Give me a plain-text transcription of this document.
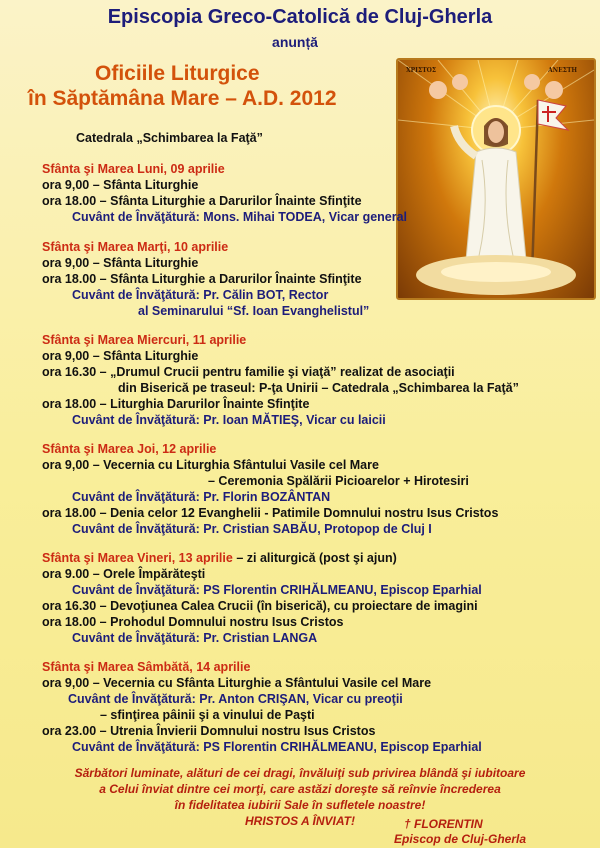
Episcopia Greco-Catolică de Cluj-Gherla
anunță
Oficiile Liturgice
în Săptămâna Mare – A.D. 2012
Catedrala „Schimbarea la Faţă”
ΧΡΙΣΤΟΣ	ΑΝΕΣΤΗ
Sfânta şi Marea Luni, 09 aprilie
ora 9,00 – Sfânta Liturghie
ora 18.00 – Sfânta Liturghie a Darurilor Înainte Sfinţite
Cuvânt de Învăţătură: Mons. Mihai TODEA, Vicar general
Sfânta şi Marea Marţi, 10 aprilie
ora 9,00 – Sfânta Liturghie
ora 18.00 – Sfânta Liturghie a Darurilor Înainte Sfinţite
Cuvânt de Învăţătură: Pr. Călin BOT, Rector
al Seminarului “Sf. Ioan Evanghelistul”
Sfânta şi Marea Miercuri, 11 aprilie
ora 9,00 – Sfânta Liturghie
ora 16.30 – „Drumul Crucii pentru familie şi viaţă” realizat de asociaţii
din Biserică pe traseul: P-ţa Unirii – Catedrala „Schimbarea la Faţă”
ora 18.00 – Liturghia Darurilor Înainte Sfinţite
Cuvânt de Învăţătură: Pr. Ioan MĂTIEŞ, Vicar cu laicii
Sfânta şi Marea Joi, 12 aprilie
ora 9,00 – Vecernia cu Liturghia Sfântului Vasile cel Mare
– Ceremonia Spălării Picioarelor + Hirotesiri
Cuvânt de Învăţătură: Pr. Florin BOZÂNTAN
ora 18.00 – Denia celor 12 Evanghelii - Patimile Domnului nostru Isus Cristos
Cuvânt de Învăţătură: Pr. Cristian SABĂU, Protopop de Cluj I
Sfânta şi Marea Vineri, 13 aprilie – zi aliturgică (post şi ajun)
ora 9.00 – Orele Împărăteşti
Cuvânt de Învăţătură: PS Florentin CRIHĂLMEANU, Episcop Eparhial
ora 16.30 – Devoţiunea Calea Crucii (în biserică), cu proiectare de imagini
ora 18.00 – Prohodul Domnului nostru Isus Cristos
Cuvânt de Învăţătură: Pr. Cristian LANGA
Sfânta şi Marea Sâmbătă, 14 aprilie
ora 9,00 – Vecernia cu Sfânta Liturghie a Sfântului Vasile cel Mare
Cuvânt de Învăţătură: Pr. Anton CRIŞAN, Vicar cu preoţii
– sfinţirea pâinii şi a vinului de Paşti
ora 23.00 – Utrenia Învierii Domnului nostru Isus Cristos
Cuvânt de Învăţătură: PS Florentin CRIHĂLMEANU, Episcop Eparhial
Sărbători luminate, alături de cei dragi, învăluiţi sub privirea blândă şi iubitoare
a Celui înviat dintre cei morţi, care astăzi doreşte să reînvie încrederea
în fidelitatea iubirii Sale în sufletele noastre!
HRISTOS A ÎNVIAT!	† FLORENTIN
Episcop de Cluj-Gherla
